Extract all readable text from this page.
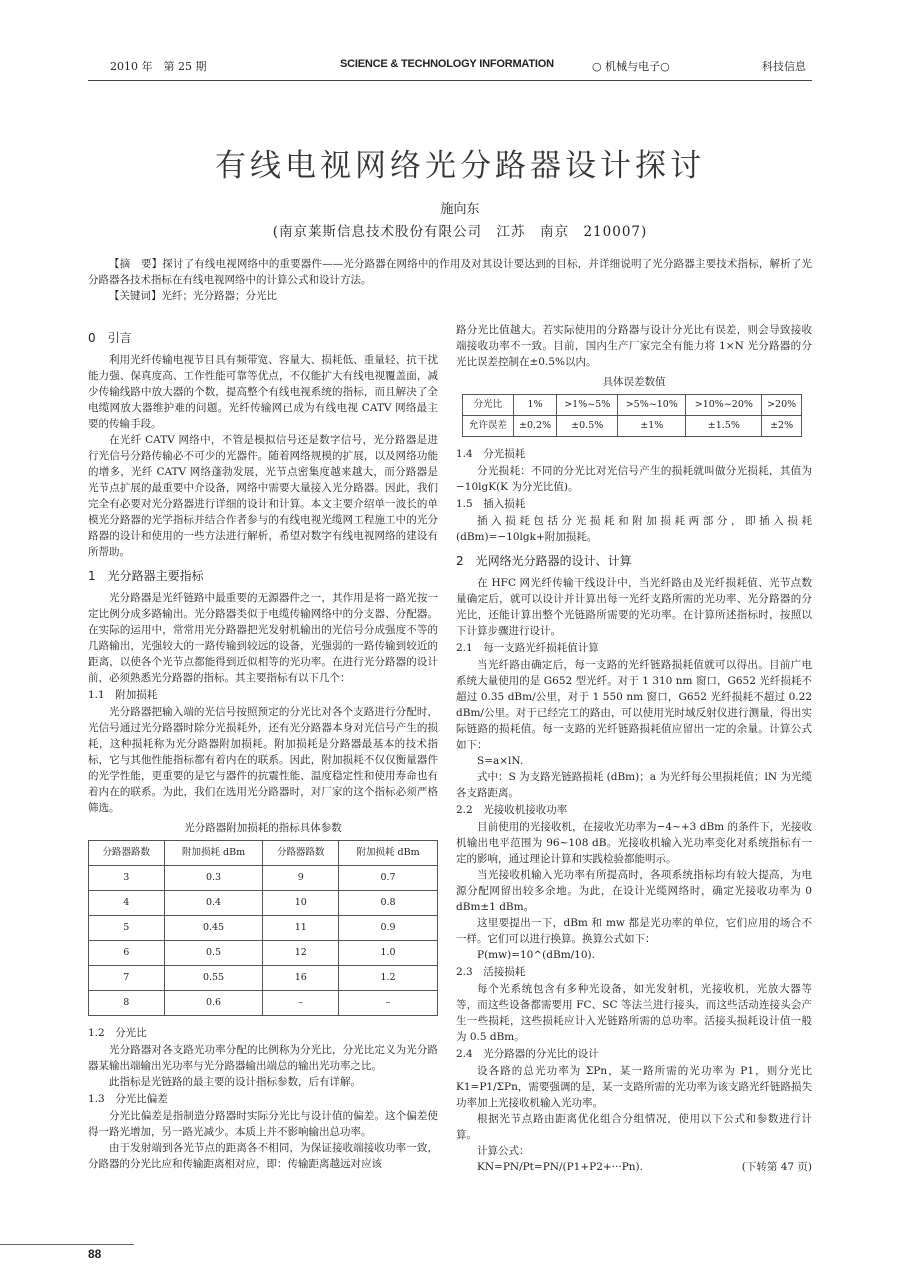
2010 年　第 25 期	SCIENCE & TECHNOLOGY INFORMATION	○ 机械与电子○	科技信息
有线电视网络光分路器设计探讨
施向东
(南京莱斯信息技术股份有限公司　江苏　南京　210007)

【摘　要】探讨了有线电视网络中的重要器件——光分路器在网络中的作用及对其设计要达到的目标，并详细说明了光分路器主要技术指标，解析了光分路器各技术指标在有线电视网络中的计算公式和设计方法。

【关键词】光纤；光分路器；分光比

0　引言

利用光纤传输电视节目具有频带宽、容量大、损耗低、重量轻、抗干扰能力强、保真度高、工作性能可靠等优点，不仅能扩大有线电视覆盖面，减少传输线路中放大器的个数，提高整个有线电视系统的指标，而且解决了全电缆网放大器维护难的问题。光纤传输网已成为有线电视 CATV 网络最主要的传输手段。

在光纤 CATV 网络中，不管是模拟信号还是数字信号，光分路器是进行光信号分路传输必不可少的光器件。随着网络规模的扩展，以及网络功能的增多，光纤 CATV 网络蓬勃发展，光节点密集度越来越大，而分路器是光节点扩展的最重要中介设备，网络中需要大量接入光分路器。因此，我们完全有必要对光分路器进行详细的设计和计算。本文主要介绍单一波长的单模光分路器的光学指标并结合作者参与的有线电视光缆网工程施工中的光分路器的设计和使用的一些方法进行解析，希望对数字有线电视网络的建设有所帮助。

1　光分路器主要指标

光分路器是光纤链路中最重要的无源器件之一，其作用是将一路光按一定比例分成多路输出。光分路器类似于电缆传输网络中的分支器、分配器。在实际的运用中，常常用光分路器把光发射机输出的光信号分成强度不等的几路输出，光强较大的一路传输到较远的设备，光强弱的一路传输到较近的距离，以使各个光节点都能得到近似相等的光功率。在进行光分路器的设计前，必须熟悉光分路器的指标。其主要指标有以下几个：

1.1　附加损耗

光分路器把输入端的光信号按照预定的分光比对各个支路进行分配时，光信号通过光分路器时除分光损耗外，还有光分路器本身对光信号产生的损耗，这种损耗称为光分路器附加损耗。附加损耗是分路器最基本的技术指标，它与其他性能指标都有着内在的联系。因此，附加损耗不仅仅衡量器件的光学性能，更重要的是它与器件的抗震性能、温度稳定性和使用寿命也有着内在的联系。为此，我们在选用光分路器时，对厂家的这个指标必须严格筛选。

光分路器附加损耗的指标具体参数
分路器路数	附加损耗 dBm	分路器路数	附加损耗 dBm
3	0.3	9	0.7
4	0.4	10	0.8
5	0.45	11	0.9
6	0.5	12	1.0
7	0.55	16	1.2
8	0.6	–	–
1.2　分光比

光分路器对各支路光功率分配的比例称为分光比，分光比定义为光分路器某输出端输出光功率与光分路器输出端总的输出光功率之比。

此指标是光链路的最主要的设计指标参数，后有详解。

1.3　分光比偏差

分光比偏差是指制造分路器时实际分光比与设计值的偏差。这个偏差使得一路光增加，另一路光减少。本质上并不影响输出总功率。

由于发射端到各光节点的距离各不相同，为保证接收端接收功率一致，分路器的分光比应和传输距离相对应，即：传输距离越远对应该

路分光比值越大。若实际使用的分路器与设计分光比有误差，则会导致接收端接收功率不一致。目前，国内生产厂家完全有能力将 1×N 光分路器的分光比误差控制在±0.5%以内。

具体误差数值
分光比	1%	>1%~5%	>5%~10%	>10%~20%	>20%
允许误差	±0.2%	±0.5%	±1%	±1.5%	±2%
1.4　分光损耗

分光损耗：不同的分光比对光信号产生的损耗就叫做分光损耗，其值为−10lgK(K 为分光比值)。

1.5　插入损耗

插入损耗包括分光损耗和附加损耗两部分，即插入损耗(dBm)=−10lgk+附加损耗。

2　光网络光分路器的设计、计算

在 HFC 网光纤传输干线设计中，当光纤路由及光纤损耗值、光节点数量确定后，就可以设计并计算出每一光纤支路所需的光功率、光分路器的分光比，还能计算出整个光链路所需要的光功率。在计算所述指标时，按照以下计算步骤进行设计。

2.1　每一支路光纤损耗值计算

当光纤路由确定后，每一支路的光纤链路损耗值就可以得出。目前广电系统大量使用的是 G652 型光纤。对于 1 310 nm 窗口，G652 光纤损耗不超过 0.35 dBm/公里，对于 1 550 nm 窗口，G652 光纤损耗不超过 0.22 dBm/公里。对于已经完工的路由，可以使用光时域反射仪进行测量，得出实际链路的损耗值。每一支路的光纤链路损耗值应留出一定的余量。计算公式如下：

S=a×lN.

式中：S 为支路光链路损耗 (dBm)；a 为光纤每公里损耗值；lN 为光缆各支路距离。

2.2　光接收机接收功率

目前使用的光接收机，在接收光功率为−4~+3 dBm 的条件下，光接收机输出电平范围为 96~108 dB。光接收机输入光功率变化对系统指标有一定的影响，通过理论计算和实践检验都能明示。

当光接收机输入光功率有所提高时，各项系统指标均有较大提高，为电源分配网留出较多余地。为此，在设计光缆网络时，确定光接收功率为 0 dBm±1 dBm。

这里要提出一下，dBm 和 mw 都是光功率的单位，它们应用的场合不一样。它们可以进行换算。换算公式如下：

P(mw)=10^(dBm/10).

2.3　活接损耗

每个光系统包含有多种光设备，如光发射机，光接收机，光放大器等等，而这些设备都需要用 FC、SC 等法兰进行接头，而这些活动连接头会产生一些损耗，这些损耗应计入光链路所需的总功率。活接头损耗设计值一般为 0.5 dBm。

2.4　光分路器的分光比的设计

设各路的总光功率为 ΣPn，某一路所需的光功率为 P1，则分光比 K1=P1/ΣPn，需要强调的是，某一支路所需的光功率为该支路光纤链路损失功率加上光接收机输入光功率。

根据光节点路由距离优化组合分组情况，使用以下公式和参数进行计算。

计算公式：

KN=PN/Pt=PN/(P1+P2+···Pn).	(下转第 47 页)

88
